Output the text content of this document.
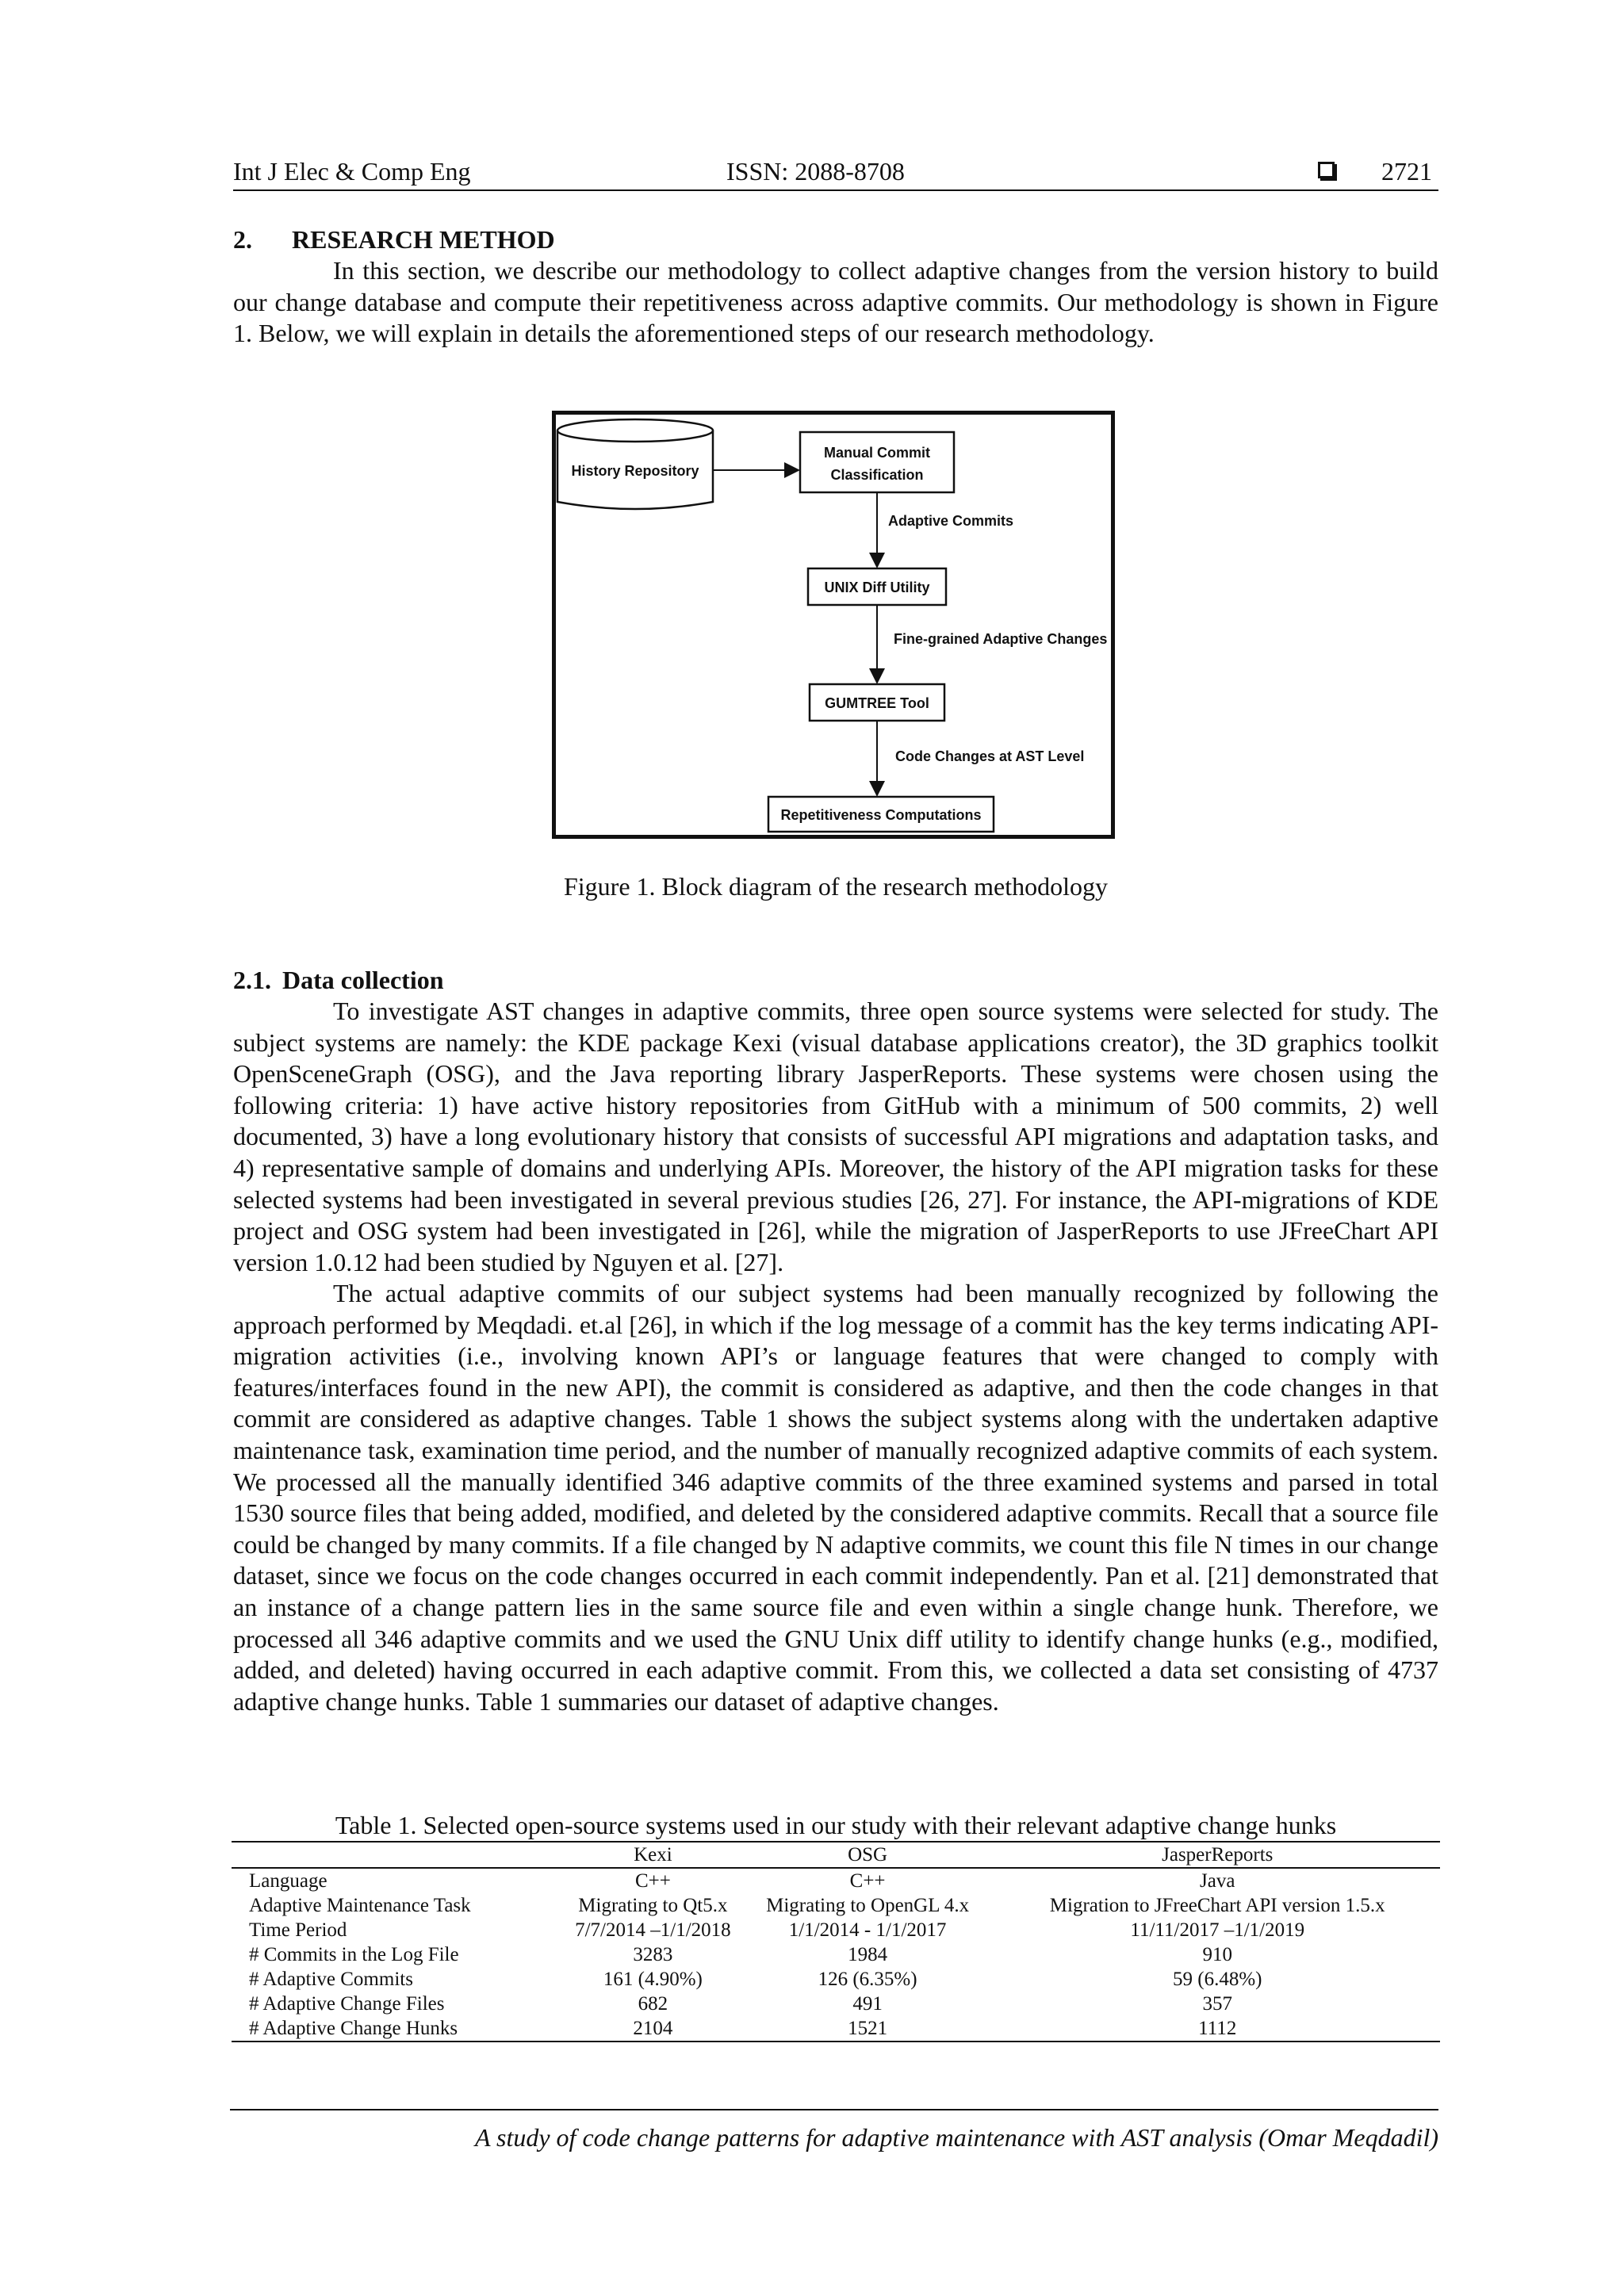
Int J Elec & Comp Eng	ISSN: 2088-8708	2721
2. RESEARCH METHOD

In this section, we describe our methodology to collect adaptive changes from the version history to build our change database and compute their repetitiveness across adaptive commits. Our methodology is shown in Figure 1. Below, we will explain in details the aforementioned steps of our research methodology.

History Repository
Manual Commit
Classification
Adaptive Commits
UNIX Diff Utility
Fine-grained Adaptive Changes
GUMTREE Tool
Code Changes at AST Level
Repetitiveness Computations
Figure 1. Block diagram of the research methodology
2.1. Data collection

To investigate AST changes in adaptive commits, three open source systems were selected for study. The subject systems are namely: the KDE package Kexi (visual database applications creator), the 3D graphics toolkit OpenSceneGraph (OSG), and the Java reporting library JasperReports. These systems were chosen using the following criteria: 1) have active history repositories from GitHub with a minimum of 500 commits, 2) well documented, 3) have a long evolutionary history that consists of successful API migrations and adaptation tasks, and 4) representative sample of domains and underlying APIs. Moreover, the history of the API migration tasks for these selected systems had been investigated in several previous studies [26, 27]. For instance, the API-migrations of KDE project and OSG system had been investigated in [26], while the migration of JasperReports to use JFreeChart API version 1.0.12 had been studied by Nguyen et al. [27].

The actual adaptive commits of our subject systems had been manually recognized by following the approach performed by Meqdadi. et.al [26], in which if the log message of a commit has the key terms indicating API-migration activities (i.e., involving known API’s or language features that were changed to comply with features/interfaces found in the new API), the commit is considered as adaptive, and then the code changes in that commit are considered as adaptive changes. Table 1 shows the subject systems along with the undertaken adaptive maintenance task, examination time period, and the number of manually recognized adaptive commits of each system. We processed all the manually identified 346 adaptive commits of the three examined systems and parsed in total 1530 source files that being added, modified, and deleted by the considered adaptive commits. Recall that a source file could be changed by many commits. If a file changed by N adaptive commits, we count this file N times in our change dataset, since we focus on the code changes occurred in each commit independently. Pan et al. [21] demonstrated that an instance of a change pattern lies in the same source file and even within a single change hunk. Therefore, we processed all 346 adaptive commits and we used the GNU Unix diff utility to identify change hunks (e.g., modified, added, and deleted) having occurred in each adaptive commit. From this, we collected a data set consisting of 4737 adaptive change hunks. Table 1 summaries our dataset of adaptive changes.

Table 1. Selected open-source systems used in our study with their relevant adaptive change hunks
	Kexi	OSG	JasperReports
Language	C++	C++	Java
Adaptive Maintenance Task	Migrating to Qt5.x	Migrating to OpenGL 4.x	Migration to JFreeChart API version 1.5.x
Time Period	7/7/2014 –1/1/2018	1/1/2014 - 1/1/2017	11/11/2017 –1/1/2019
# Commits in the Log File	3283	1984	910
# Adaptive Commits	161 (4.90%)	126 (6.35%)	59 (6.48%)
# Adaptive Change Files	682	491	357
# Adaptive Change Hunks	2104	1521	1112
A study of code change patterns for adaptive maintenance with AST analysis (Omar Meqdadil)
